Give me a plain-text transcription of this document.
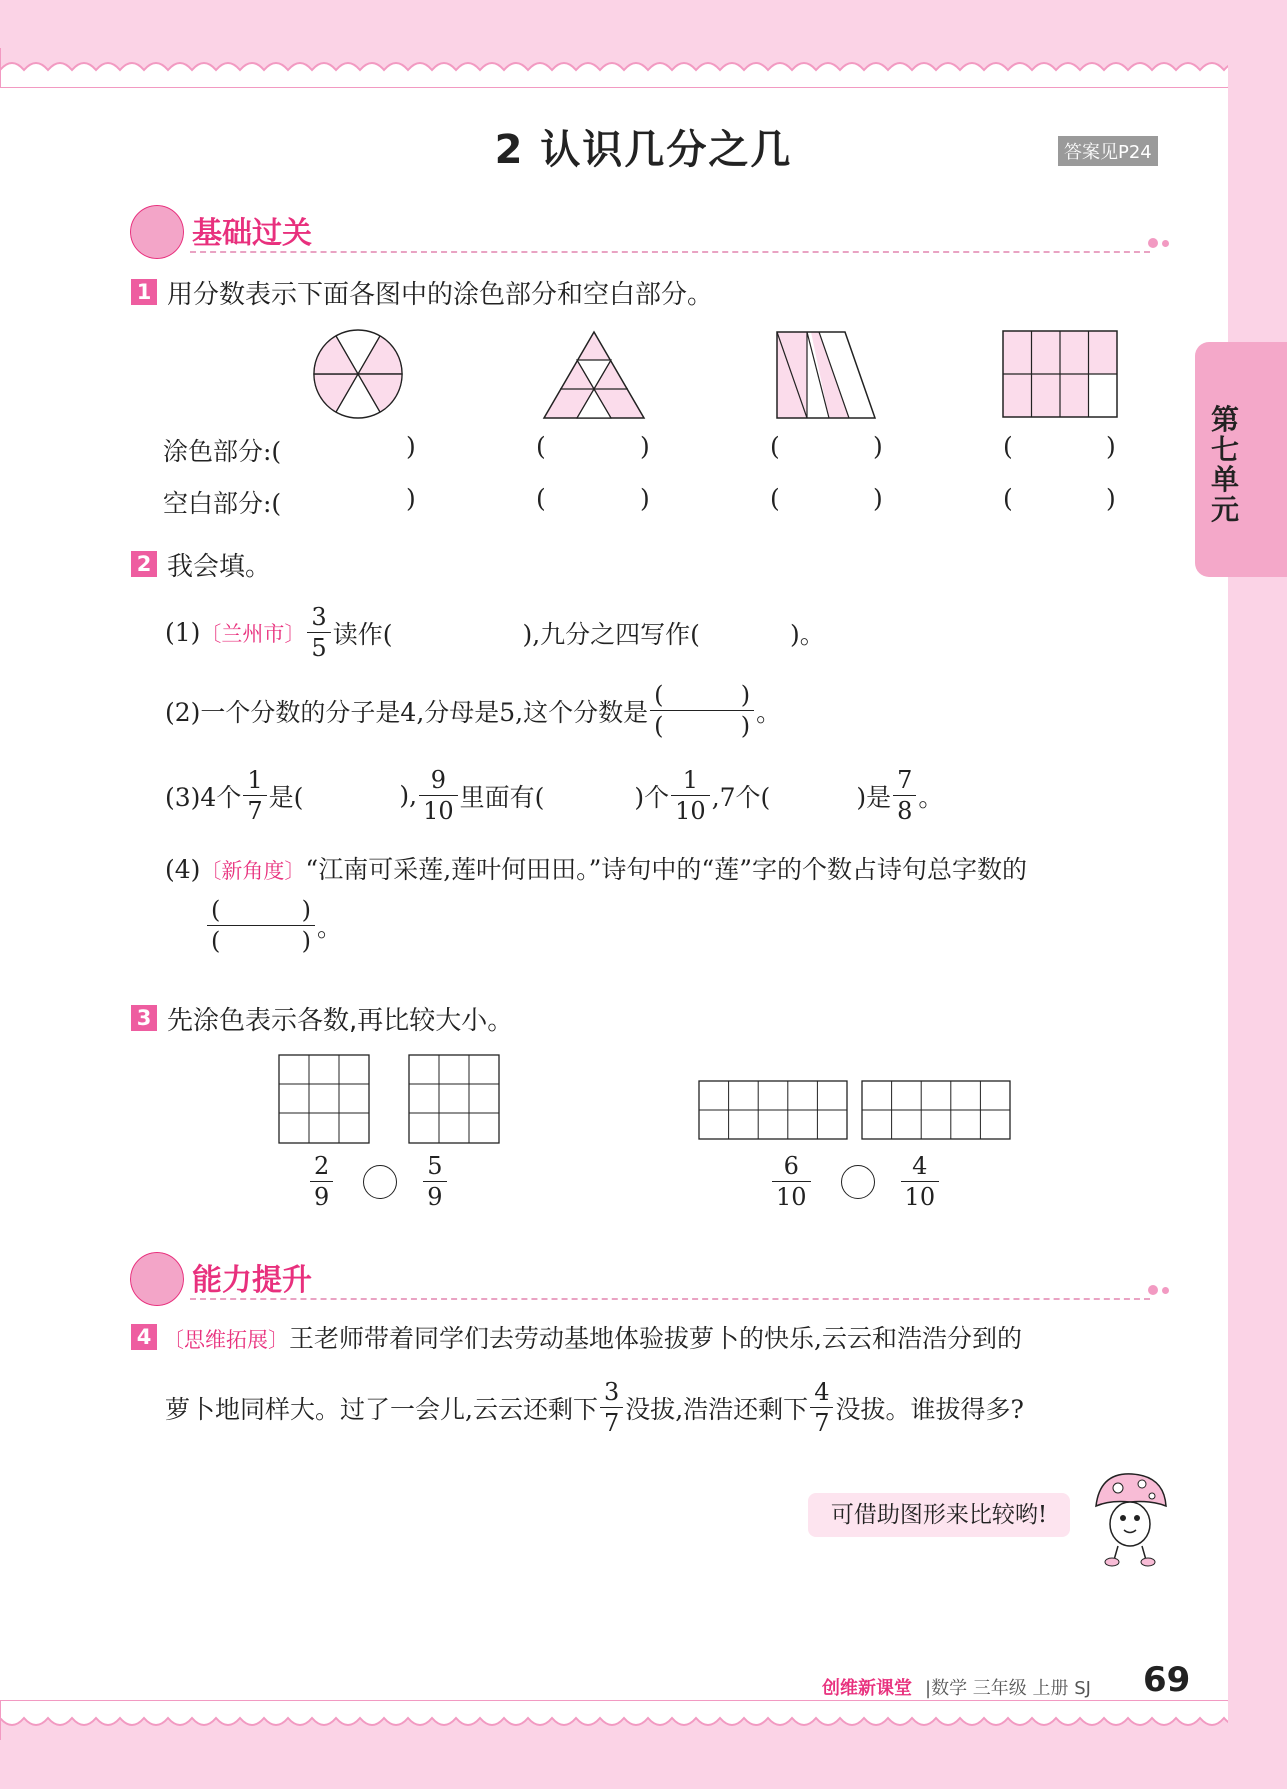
第
七
单
元
2 认识几分之几	答案见P24
基础过关
1 用分数表示下面各图中的涂色部分和空白部分。
涂色部分:(	)	(	)	(	)	(	)
空白部分:(	)	(	)	(	)	(	)
2 我会填。
(1) 〔兰州市〕 $\frac{3}{5}$ 读作(	),九分之四写作(	)。
(2)一个分数的分子是4,分母是5,这个分数是 (	)
(	) 。
(3)4个 $\frac{1}{7}$ 是(	), $\frac{9}{10}$ 里面有(	)个 $\frac{1}{10} ,7$个(	)是 $\frac{7}{8}$ 。
(4)〔新角度〕“江南可采莲,莲叶何田田。”诗句中的“莲”字的个数占诗句总字数的
(	)
(	) 。
3 先涂色表示各数,再比较大小。
$\frac{2}{9}$	$\frac{5}{9}$	$\frac{6}{10}$	$\frac{4}{10}$
能力提升
4 〔思维拓展〕王老师带着同学们去劳动基地体验拔萝卜的快乐,云云和浩浩分到的
萝卜地同样大。过了一会儿,云云还剩下 $\frac{3}{7}$ 没拔,浩浩还剩下 $\frac{4}{7}$ 没拔。谁拔得多?
可借助图形来比较哟!
创维新课堂 |数学 三年级 上册 SJ 69
